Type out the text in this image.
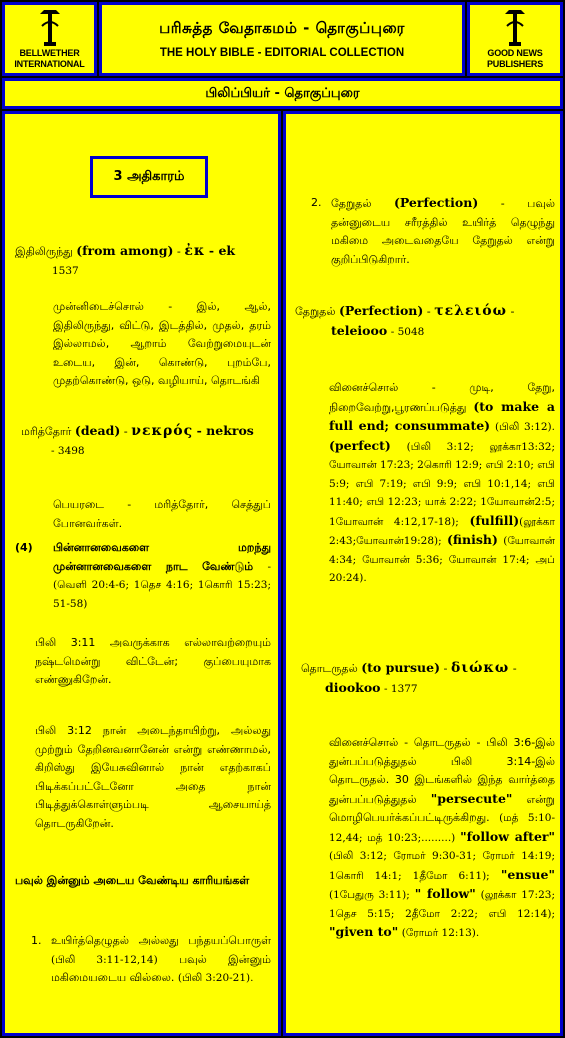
BELLWETHER
INTERNATIONAL
பரிசுத்த வேதாகமம் - தொகுப்புரை
THE HOLY BIBLE - EDITORIAL COLLECTION	GOOD NEWS
PUBLISHERS
பிலிப்பியர் - தொகுப்புரை
3 அதிகாரம்
இதிலிருந்து (from among) - ἐκ - ek
1537
முன்னிடைச்சொல் - இல், ஆல், இதிலிருந்து, விட்டு, இடத்தில், முதல், தரம் இல்லாமல், ஆறாம் வேற்றுமையுடன் உடைய, இன், கொண்டு, புறம்பே, முதற்கொண்டு, ஒடு, வழியாய், தொடங்கி
மரித்தோர் (dead) - νεκρός - nekros
- 3498
பெயரடை - மரித்தோர், செத்துப் போனவர்கள்.
(4)	பின்னானவைகளை மறந்து முன்னானவைகளை நாட வேண்டும் - (வெளி 20:4-6; 1தெச 4:16; 1கொரி 15:23; 51-58)
பிலி 3:11 அவருக்காக எல்லாவற்றையும் நஷ்டமென்று விட்டேன்; குப்பையுமாக எண்ணுகிறேன்.
பிலி 3:12 நான் அடைந்தாயிற்று, அல்லது முற்றும் தேறினவனானேன் என்று எண்ணாமல், கிறிஸ்து இயேசுவினால் நான் எதற்காகப் பிடிக்கப்பட்டேனோ அதை நான் பிடித்துக்கொள்ளும்படி ஆசையாய்த் தொடருகிறேன்.
பவுல் இன்னும் அடைய வேண்டிய காரியங்கள்
1. உயிர்த்தெழுதல் அல்லது பந்தயப்பொருள் (பிலி 3:11-12,14) பவுல் இன்னும் மகிமையடைய வில்லை. (பிலி 3:20-21).
2. தேறுதல் (Perfection) - பவுல் தன்னுடைய சரீரத்தில் உயிர்த் தெழுந்து மகிமை அடைவதையே தேறுதல் என்று குறிப்பிடுகிறார்.
தேறுதல் (Perfection) - τελειόω -
teleiooo - 5048
வினைச்சொல் - முடி, தேறு, நிறைவேற்று,பூரணப்படுத்து (to make a full end; consummate) (பிலி 3:12). (perfect) (பிலி 3:12; லூக்கா13:32; யோவான் 17:23; 2கொரி 12:9; எபி 2:10; எபி 5:9; எபி 7:19; எபி 9:9; எபி 10:1,14; எபி 11:40; எபி 12:23; யாக் 2:22; 1யோவான்2:5; 1யோவான் 4:12,17-18); (fulfill)(லூக்கா 2:43;யோவான்19:28); (finish) (யோவான் 4:34; யோவான் 5:36; யோவான் 17:4; அப் 20:24).
தொடருதல் (to pursue) - διώκω -
diookoo - 1377
வினைச்சொல் - தொடருதல் - பிலி 3:6-இல் துன்பப்படுத்துதல் பிலி 3:14-இல் தொடருதல். 30 இடங்களில் இந்த வார்த்தை துன்பப்படுத்துதல் "persecute" என்று மொழிபெயர்க்கப்பட்டிருக்கிறது. (மத் 5:10-12,44; மத் 10:23;.........) "follow after" (பிலி 3:12; ரோமர் 9:30-31; ரோமர் 14:19; 1கொரி 14:1; 1தீமோ 6:11); "ensue" (1பேதுரு 3:11); " follow" (லூக்கா 17:23; 1தெச 5:15; 2தீமோ 2:22; எபி 12:14); "given to" (ரோமர் 12:13).
